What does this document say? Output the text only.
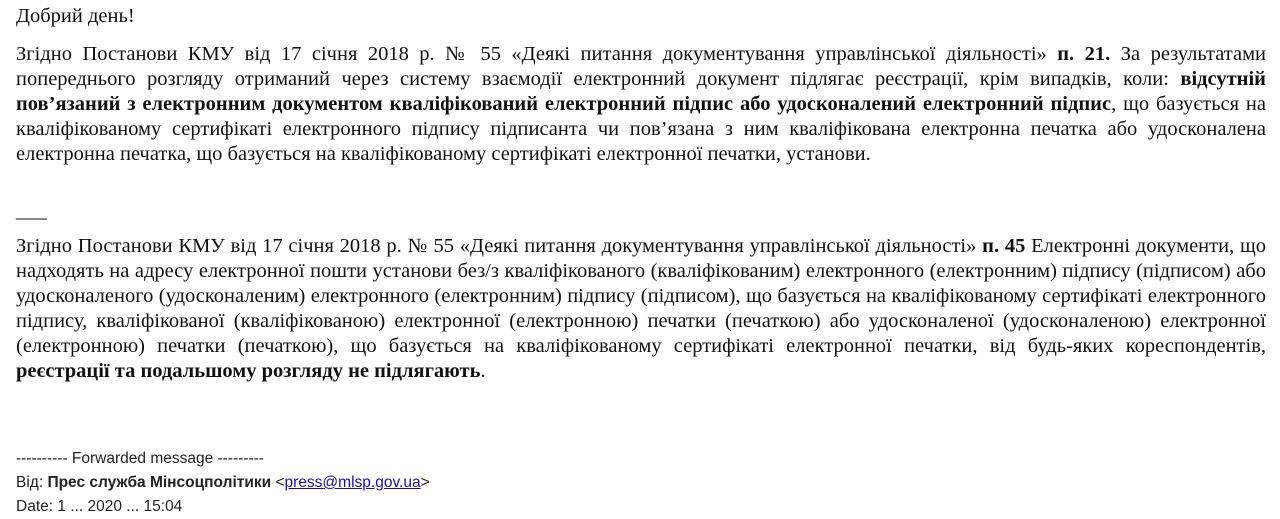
Добрий день!
Згідно Постанови КМУ від 17 січня 2018 р. № 55 «Деякі питання документування управлінської діяльності» п. 21. За результатами попереднього розгляду отриманий через систему взаємодії електронний документ підлягає реєстрації, крім випадків, коли: відсутній пов’язаний з електронним документом кваліфікований електронний підпис або удосконалений електронний підпис, що базується на кваліфікованому сертифікаті електронного підпису підписанта чи пов’язана з ним кваліфікована електронна печатка або удосконалена електронна печатка, що базується на кваліфікованому сертифікаті електронної печатки, установи.
___
Згідно Постанови КМУ від 17 січня 2018 р. № 55 «Деякі питання документування управлінської діяльності» п. 45 Електронні документи, що надходять на адресу електронної пошти установи без/з кваліфікованого (кваліфікованим) електронного (електронним) підпису (підписом) або удосконаленого (удосконаленим) електронного (електронним) підпису (підписом), що базується на кваліфікованому сертифікаті електронного підпису, кваліфікованої (кваліфікованою) електронної (електронною) печатки (печаткою) або удосконаленої (удосконаленою) електронної (електронною) печатки (печаткою), що базується на кваліфікованому сертифікаті електронної печатки, від будь-яких кореспондентів, реєстрації та подальшому розгляду не підлягають.
---------- Forwarded message ---------
Від: Прес служба Мінсоцполітики <press@mlsp.gov.ua>
Date: 1 ... 2020 ... 15:04
